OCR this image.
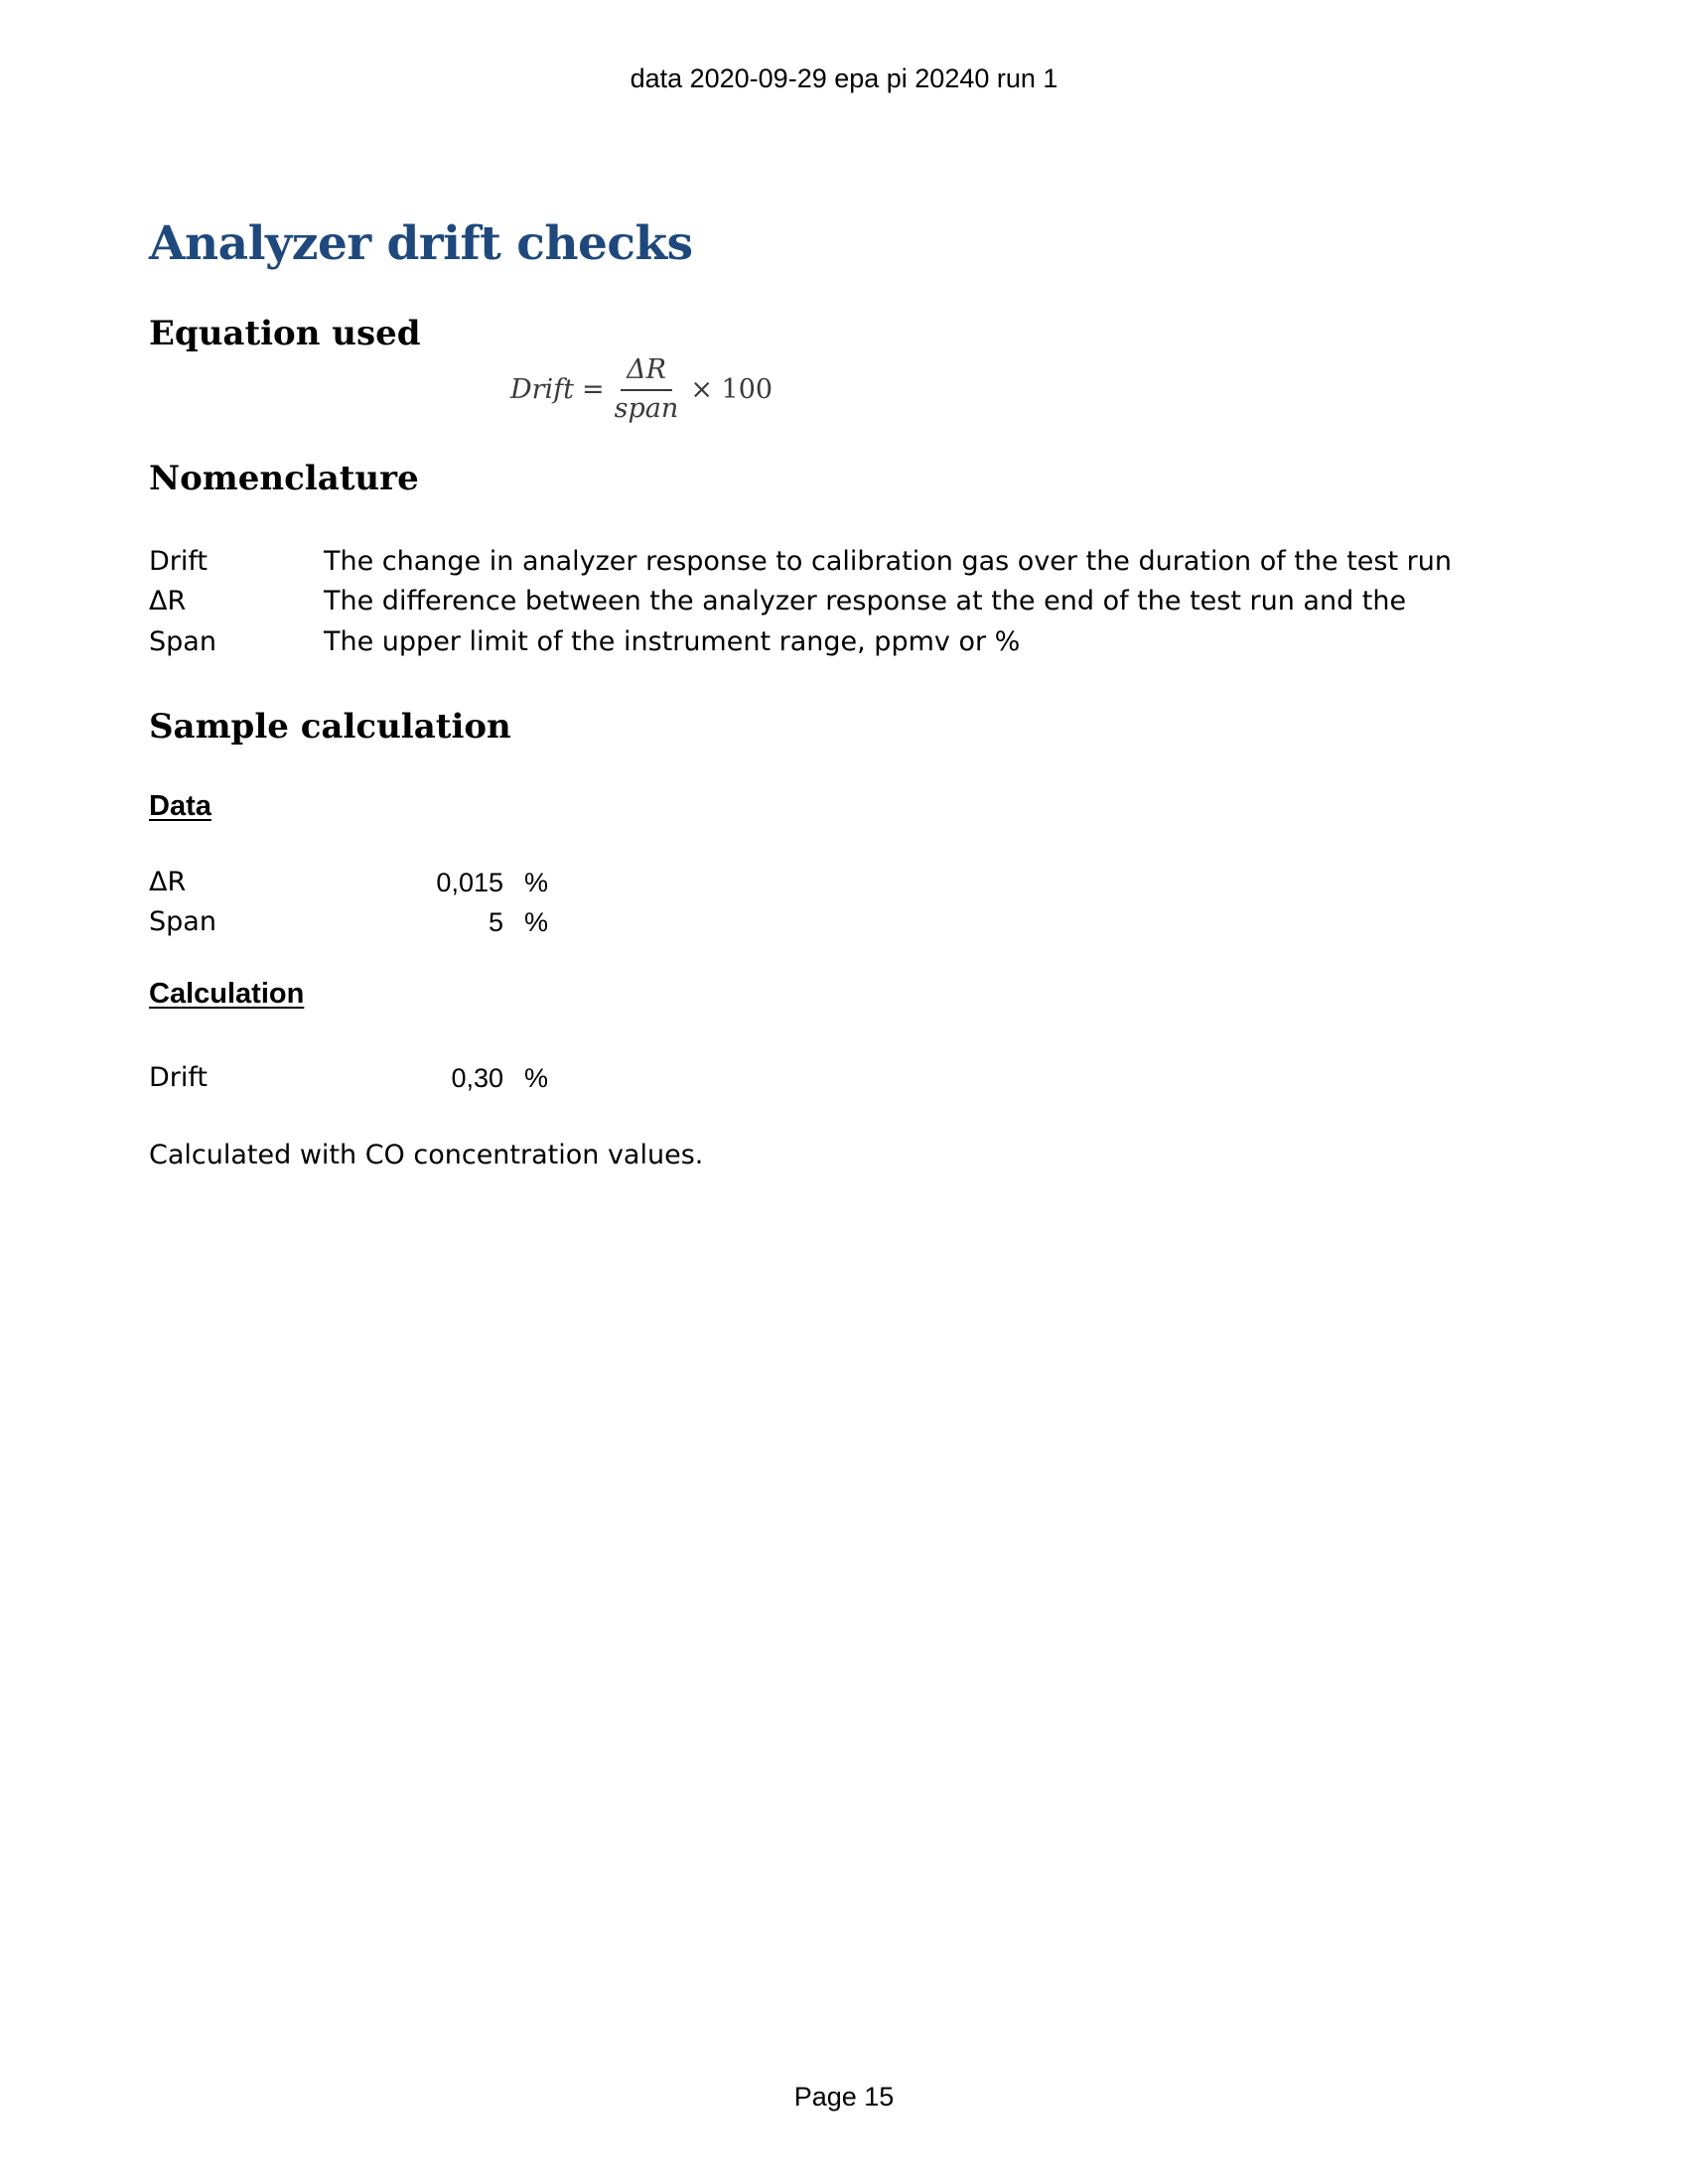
data 2020-09-29 epa pi 20240 run 1
Analyzer drift checks
Equation used
Drift = $\frac{\Delta R}{\text{span}} \times 100$
Nomenclature
Drift	The change in analyzer response to calibration gas over the duration of the test run
ΔR	The difference between the analyzer response at the end of the test run and the
Span	The upper limit of the instrument range, ppmv or %
Sample calculation
Data
ΔR	0,015 %
Span	5 %
Calculation
Drift	0,30 %
Calculated with CO concentration values.
Page 15
